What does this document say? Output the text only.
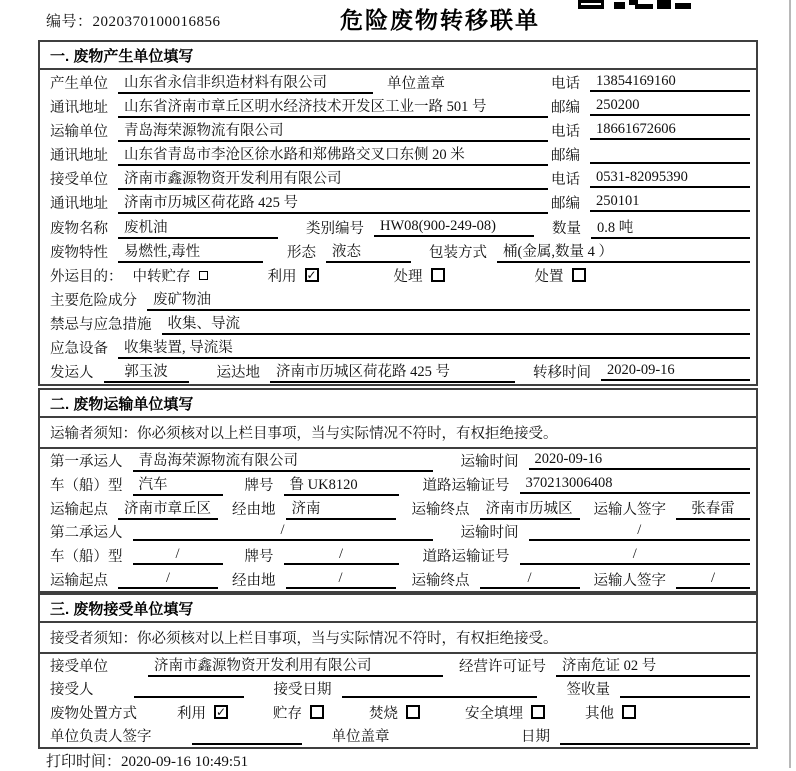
编号：2020370100016856	危险废物转移联单
一. 废物产生单位填写
产生单位	山东省永信非织造材料有限公司	单位盖章	电话	13854169160
通讯地址	山东省济南市章丘区明水经济技术开发区工业一路 501 号	邮编	250200
运输单位	青岛海荣源物流有限公司	电话	18661672606
通讯地址	山东省青岛市李沧区徐水路和郑佛路交叉口东侧 20 米	邮编
接受单位	济南市鑫源物资开发利用有限公司	电话	0531-82095390
通讯地址	济南市历城区荷花路 425 号	邮编	250101
废物名称	废机油	类别编号	HW08(900-249-08)	数量	0.8 吨
废物特性	易燃性,毒性	形态	液态	包装方式	桶(金属,数量 4 ）
外运目的： 中转贮存	利用 ✓	处理	处置
主要危险成分	废矿物油
禁忌与应急措施	收集、导流
应急设备	收集装置, 导流渠
发运人	郭玉波	运达地	济南市历城区荷花路 425 号	转移时间	2020-09-16
二. 废物运输单位填写
运输者须知：你必须核对以上栏目事项，当与实际情况不符时，有权拒绝接受。
第一承运人	青岛海荣源物流有限公司	运输时间	2020-09-16
车（船）型	汽车	牌号	鲁 UK8120	道路运输证号	370213006408
运输起点	济南市章丘区	经由地	济南	运输终点	济南市历城区	运输人签字	张春雷
第二承运人	/	运输时间	/
车（船）型	/	牌号	/	道路运输证号	/
运输起点	/	经由地	/	运输终点	/	运输人签字	/
三. 废物接受单位填写
接受者须知：你必须核对以上栏目事项，当与实际情况不符时，有权拒绝接受。
接受单位	济南市鑫源物资开发利用有限公司	经营许可证号	济南危证 02 号
接受人	接受日期	签收量
废物处置方式	利用 ✓	贮存	焚烧	安全填埋	其他
单位负责人签字	单位盖章	日期
打印时间：2020-09-16 10:49:51
